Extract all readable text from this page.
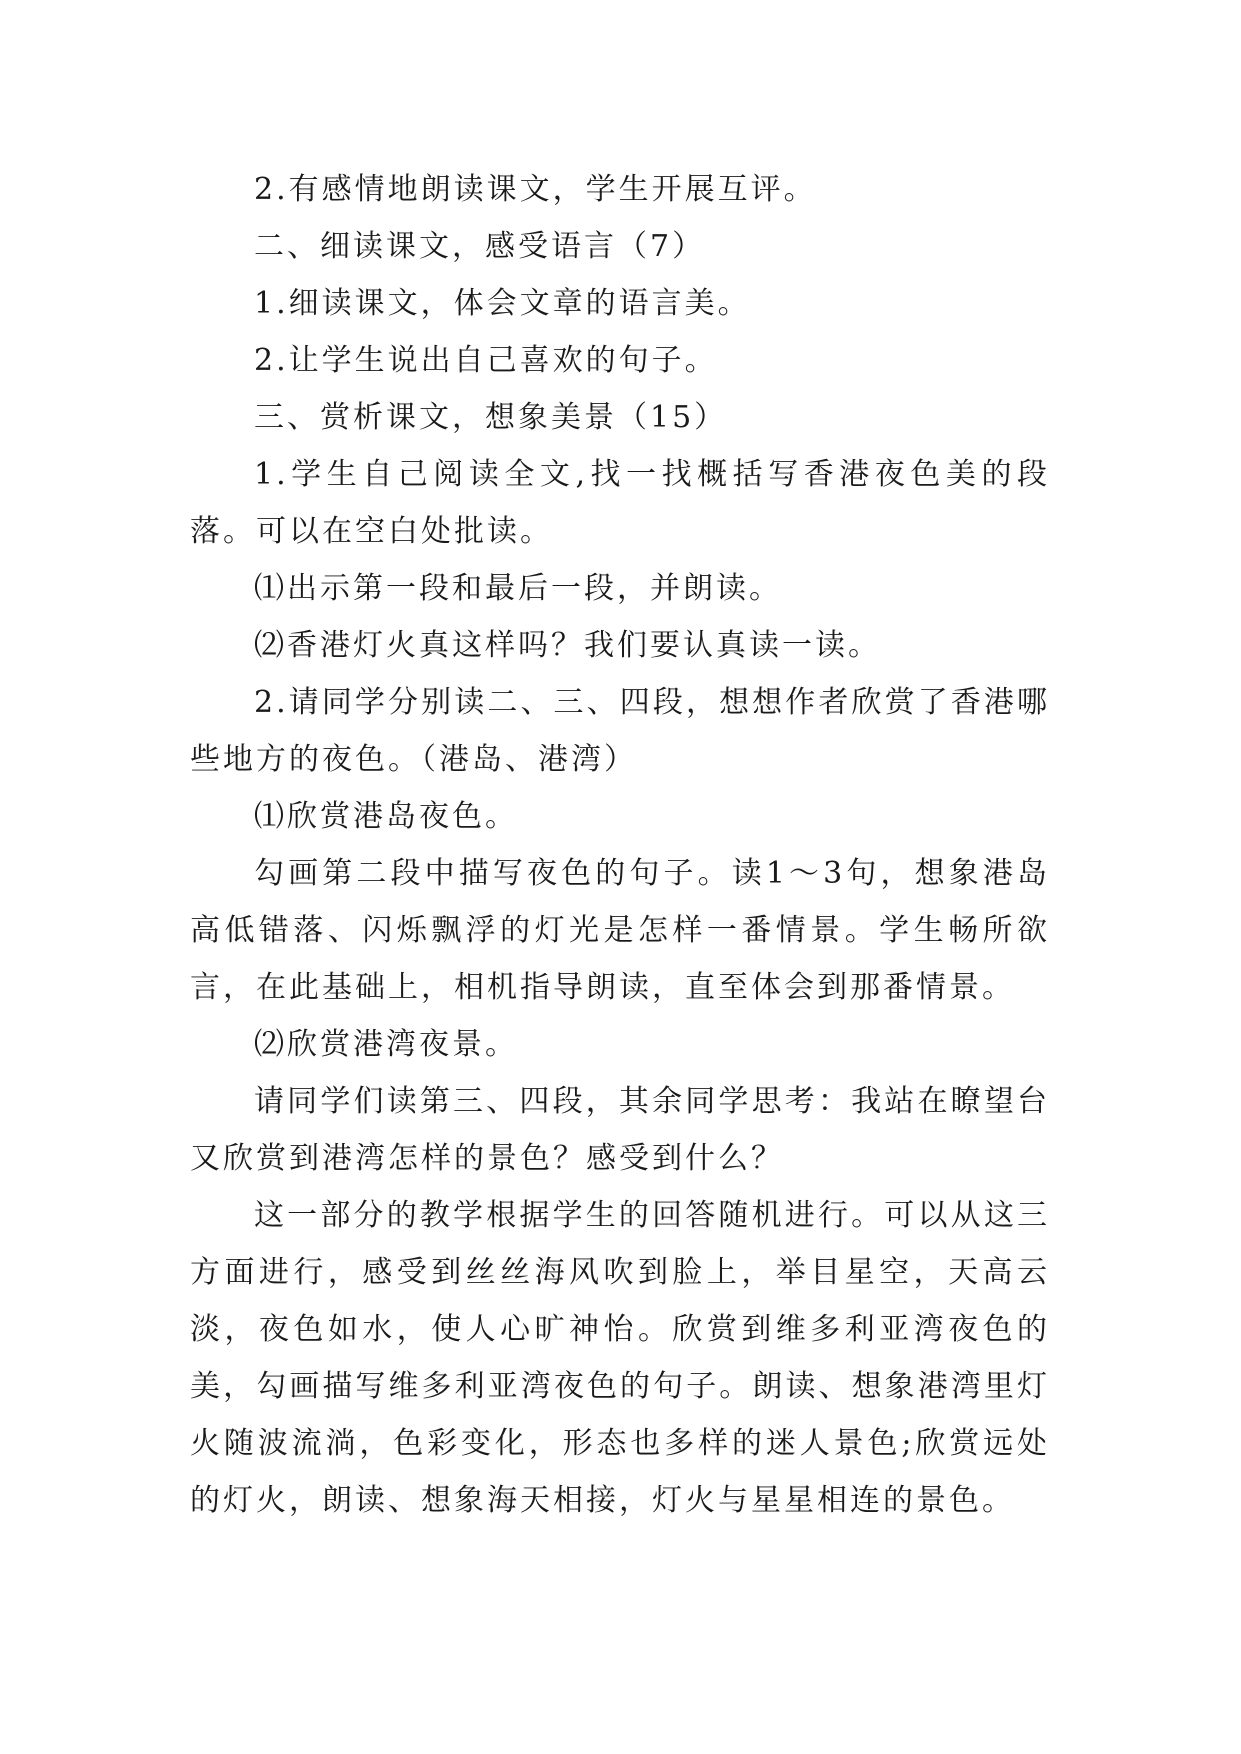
2.有感情地朗读课文，学生开展互评。

二、细读课文，感受语言（7）

1.细读课文，体会文章的语言美。

2.让学生说出自己喜欢的句子。

三、赏析课文，想象美景（15）

1.学生自己阅读全文,找一找概括写香港夜色美的段落。可以在空白处批读。

⑴出示第一段和最后一段，并朗读。

⑵香港灯火真这样吗？我们要认真读一读。

2.请同学分别读二、三、四段，想想作者欣赏了香港哪些地方的夜色。（港岛、港湾）

⑴欣赏港岛夜色。

勾画第二段中描写夜色的句子。读1～3句，想象港岛高低错落、闪烁飘浮的灯光是怎样一番情景。学生畅所欲言，在此基础上，相机指导朗读，直至体会到那番情景。

⑵欣赏港湾夜景。

请同学们读第三、四段，其余同学思考：我站在瞭望台又欣赏到港湾怎样的景色？感受到什么？

这一部分的教学根据学生的回答随机进行。可以从这三方面进行，感受到丝丝海风吹到脸上，举目星空，天高云淡，夜色如水，使人心旷神怡。欣赏到维多利亚湾夜色的美，勾画描写维多利亚湾夜色的句子。朗读、想象港湾里灯火随波流淌，色彩变化，形态也多样的迷人景色;欣赏远处的灯火，朗读、想象海天相接，灯火与星星相连的景色。
